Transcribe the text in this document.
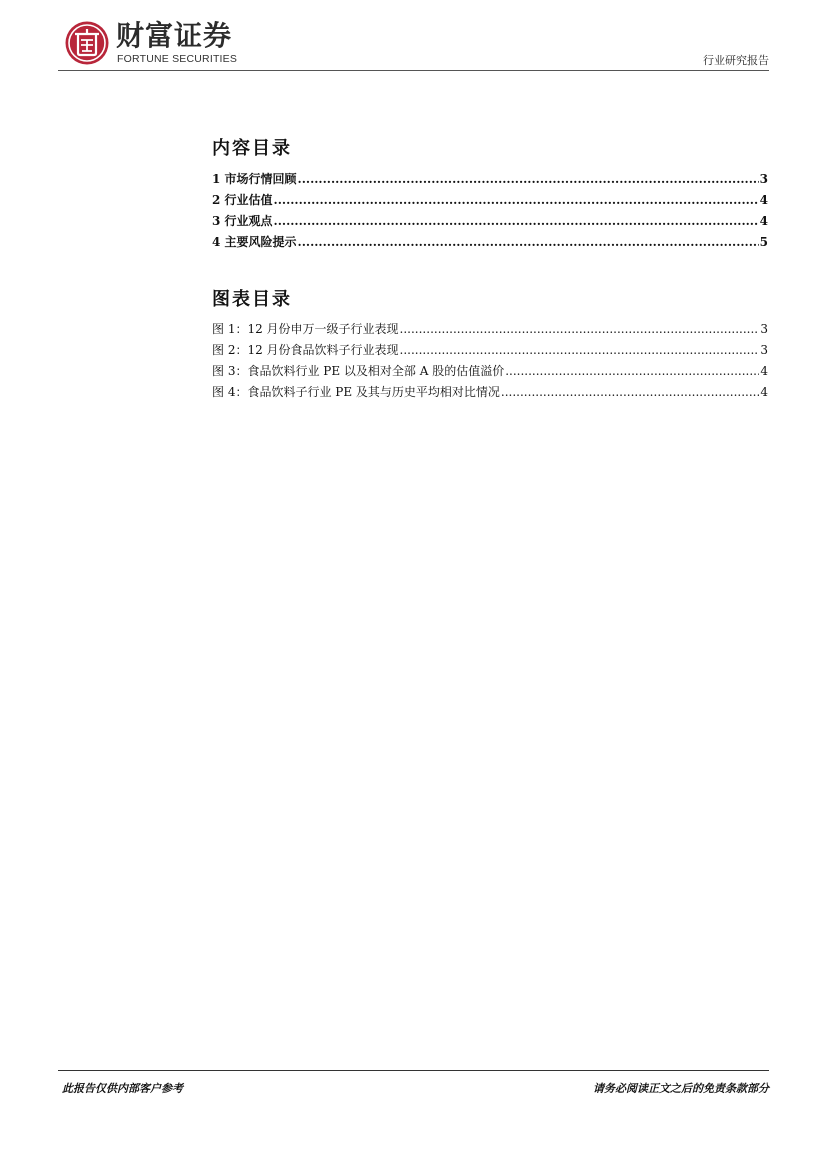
财富证券
FORTUNE SECURITIES	行业研究报告
内容目录
1 市场行情回顾 .....	3
2 行业估值 .....	4
3 行业观点 .....	4
4 主要风险提示 .....	5
图表目录
图 1：12 月份申万一级子行业表现 .....	3
图 2：12 月份食品饮料子行业表现 .....	3
图 3：食品饮料行业 PE 以及相对全部 A 股的估值溢价 .....	4
图 4：食品饮料子行业 PE 及其与历史平均相对比情况 .....	4
此报告仅供内部客户参考	请务必阅读正文之后的免责条款部分
